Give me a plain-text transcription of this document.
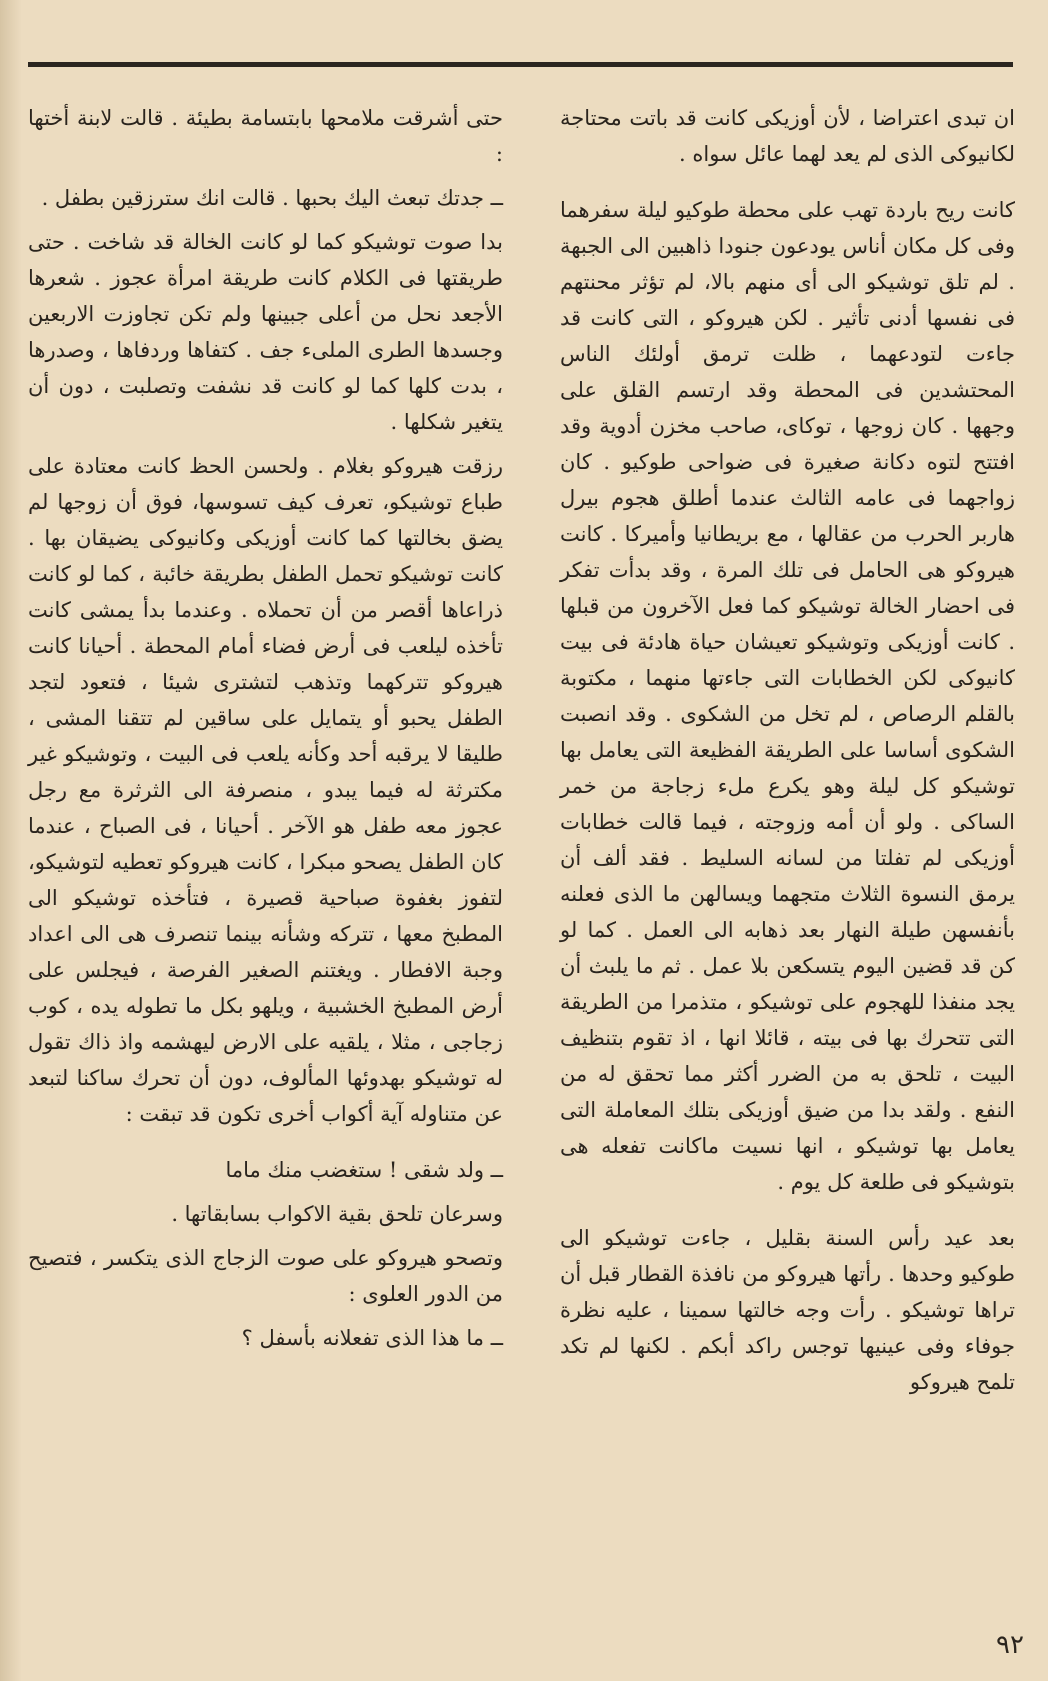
ان تبدى اعتراضا ، لأن أوزيكى كانت قد باتت محتاجة لكانيوكى الذى لم يعد لهما عائل سواه .

كانت ريح باردة تهب على محطة طوكيو ليلة سفرهما وفى كل مكان أناس يودعون جنودا ذاهبين الى الجبهة . لم تلق توشيكو الى أى منهم بالا، لم تؤثر محنتهم فى نفسها أدنى تأثير . لكن هيروكو ، التى كانت قد جاءت لتودعهما ، ظلت ترمق أولئك الناس المحتشدين فى المحطة وقد ارتسم القلق على وجهها . كان زوجها ، توكاى، صاحب مخزن أدوية وقد افتتح لتوه دكانة صغيرة فى ضواحى طوكيو . كان زواجهما فى عامه الثالث عندما أطلق هجوم بيرل هاربر الحرب من عقالها ، مع بريطانيا وأميركا . كانت هيروكو هى الحامل فى تلك المرة ، وقد بدأت تفكر فى احضار الخالة توشيكو كما فعل الآخرون من قبلها . كانت أوزيكى وتوشيكو تعيشان حياة هادئة فى بيت كانيوكى لكن الخطابات التى جاءتها منهما ، مكتوبة بالقلم الرصاص ، لم تخل من الشكوى . وقد انصبت الشكوى أساسا على الطريقة الفظيعة التى يعامل بها توشيكو كل ليلة وهو يكرع ملء زجاجة من خمر الساكى . ولو أن أمه وزوجته ، فيما قالت خطابات أوزيكى لم تفلتا من لسانه السليط . فقد ألف أن يرمق النسوة الثلاث متجهما ويسالهن ما الذى فعلنه بأنفسهن طيلة النهار بعد ذهابه الى العمل . كما لو كن قد قضين اليوم يتسكعن بلا عمل . ثم ما يلبث أن يجد منفذا للهجوم على توشيكو ، متذمرا من الطريقة التى تتحرك بها فى بيته ، قائلا انها ، اذ تقوم بتنظيف البيت ، تلحق به من الضرر أكثر مما تحقق له من النفع . ولقد بدا من ضيق أوزيكى بتلك المعاملة التى يعامل بها توشيكو ، انها نسيت ماكانت تفعله هى بتوشيكو فى طلعة كل يوم .

بعد عيد رأس السنة بقليل ، جاءت توشيكو الى طوكيو وحدها . رأتها هيروكو من نافذة القطار قبل أن تراها توشيكو . رأت وجه خالتها سمينا ، عليه نظرة جوفاء وفى عينيها توجس راكد أبكم . لكنها لم تكد تلمح هيروكو

حتى أشرقت ملامحها بابتسامة بطيئة . قالت لابنة أختها :

ــ جدتك تبعث اليك بحبها . قالت انك سترزقين بطفل .

بدا صوت توشيكو كما لو كانت الخالة قد شاخت . حتى طريقتها فى الكلام كانت طريقة امرأة عجوز . شعرها الأجعد نحل من أعلى جبينها ولم تكن تجاوزت الاربعين وجسدها الطرى الملىء جف . كتفاها وردفاها ، وصدرها ، بدت كلها كما لو كانت قد نشفت وتصلبت ، دون أن يتغير شكلها .

رزقت هيروكو بغلام . ولحسن الحظ كانت معتادة على طباع توشيكو، تعرف كيف تسوسها، فوق أن زوجها لم يضق بخالتها كما كانت أوزيكى وكانيوكى يضيقان بها . كانت توشيكو تحمل الطفل بطريقة خائبة ، كما لو كانت ذراعاها أقصر من أن تحملاه . وعندما بدأ يمشى كانت تأخذه ليلعب فى أرض فضاء أمام المحطة . أحيانا كانت هيروكو تتركهما وتذهب لتشترى شيئا ، فتعود لتجد الطفل يحبو أو يتمايل على ساقين لم تتقنا المشى ، طليقا لا يرقبه أحد وكأنه يلعب فى البيت ، وتوشيكو غير مكترثة له فيما يبدو ، منصرفة الى الثرثرة مع رجل عجوز معه طفل هو الآخر . أحيانا ، فى الصباح ، عندما كان الطفل يصحو مبكرا ، كانت هيروكو تعطيه لتوشيكو، لتفوز بغفوة صباحية قصيرة ، فتأخذه توشيكو الى المطبخ معها ، تتركه وشأنه بينما تنصرف هى الى اعداد وجبة الافطار . ويغتنم الصغير الفرصة ، فيجلس على أرض المطبخ الخشبية ، ويلهو بكل ما تطوله يده ، كوب زجاجى ، مثلا ، يلقيه على الارض ليهشمه واذ ذاك تقول له توشيكو بهدوئها المألوف، دون أن تحرك ساكنا لتبعد عن متناوله آية أكواب أخرى تكون قد تبقت :

ــ ولد شقى ! ستغضب منك ماما

وسرعان تلحق بقية الاكواب بسابقاتها .

وتصحو هيروكو على صوت الزجاج الذى يتكسر ، فتصيح من الدور العلوى :

ــ ما هذا الذى تفعلانه بأسفل ؟

٩٢
